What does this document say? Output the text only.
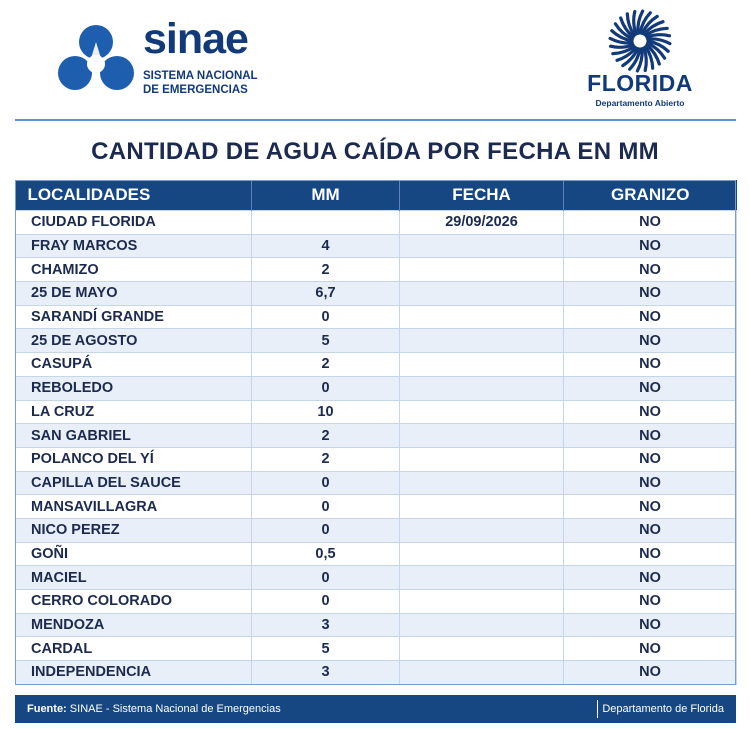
sinae
SISTEMA NACIONAL
DE EMERGENCIAS	FLORIDA
Departamento Abierto
CANTIDAD DE AGUA CAÍDA POR FECHA EN MM
LOCALIDADES	MM	FECHA	GRANIZO
CIUDAD FLORIDA		29/09/2026	NO
FRAY MARCOS	4		NO
CHAMIZO	2		NO
25 DE MAYO	6,7		NO
SARANDÍ GRANDE	0		NO
25 DE AGOSTO	5		NO
CASUPÁ	2		NO
REBOLEDO	0		NO
LA CRUZ	10		NO
SAN GABRIEL	2		NO
POLANCO DEL YÍ	2		NO
CAPILLA DEL SAUCE	0		NO
MANSAVILLAGRA	0		NO
NICO PEREZ	0		NO
GOÑI	0,5		NO
MACIEL	0		NO
CERRO COLORADO	0		NO
MENDOZA	3		NO
CARDAL	5		NO
INDEPENDENCIA	3		NO
Fuente: SINAE - Sistema Nacional de Emergencias	Departamento de Florida
